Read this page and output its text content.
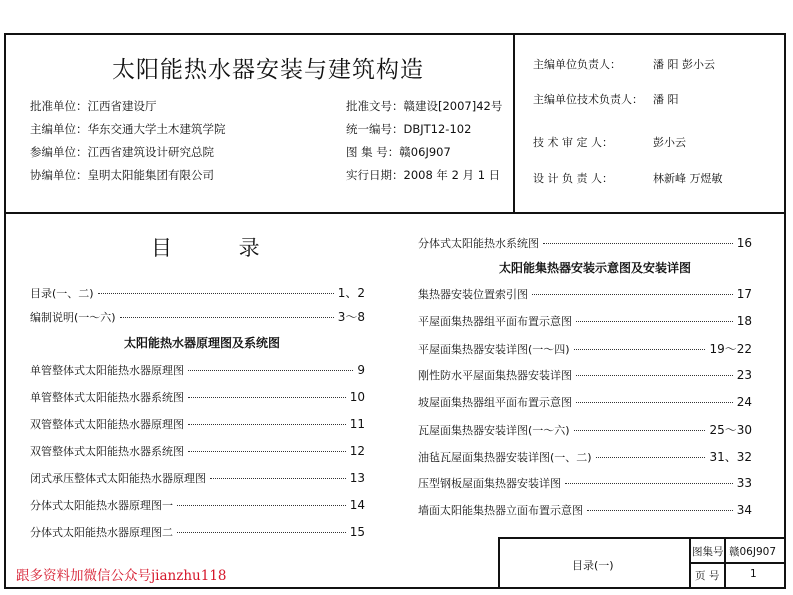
太阳能热水器安装与建筑构造
批准单位：江西省建设厅
主编单位：华东交通大学土木建筑学院
参编单位：江西省建筑设计研究总院
协编单位：皇明太阳能集团有限公司
批准文号：赣建设[2007]42号
统一编号：DBJT12-102
图 集 号：赣06J907
实行日期：2008 年 2 月 1 日
主编单位负责人：	潘 阳 彭小云
主编单位技术负责人： 潘 阳
技 术 审 定 人：	彭小云
设 计 负 责 人：	林新峰 万煜敏
目 录
目录(一、二)	1、2
编制说明(一～六)	3～8
太阳能热水器原理图及系统图
单管整体式太阳能热水器原理图	9
单管整体式太阳能热水器系统图	10
双管整体式太阳能热水器原理图	11
双管整体式太阳能热水器系统图	12
闭式承压整体式太阳能热水器原理图	13
分体式太阳能热水器原理图一	14
分体式太阳能热水器原理图二	15
分体式太阳能热水系统图	16
太阳能集热器安装示意图及安装详图
集热器安装位置索引图	17
平屋面集热器组平面布置示意图	18
平屋面集热器安装详图(一～四)	19～22
刚性防水平屋面集热器安装详图	23
坡屋面集热器组平面布置示意图	24
瓦屋面集热器安装详图(一～六)	25～30
油毡瓦屋面集热器安装详图(一、二)	31、32
压型钢板屋面集热器安装详图	33
墙面太阳能集热器立面布置示意图	34
目录(一)
图集号 赣06J907
页 号	1
跟多资料加微信公众号jianzhu118
